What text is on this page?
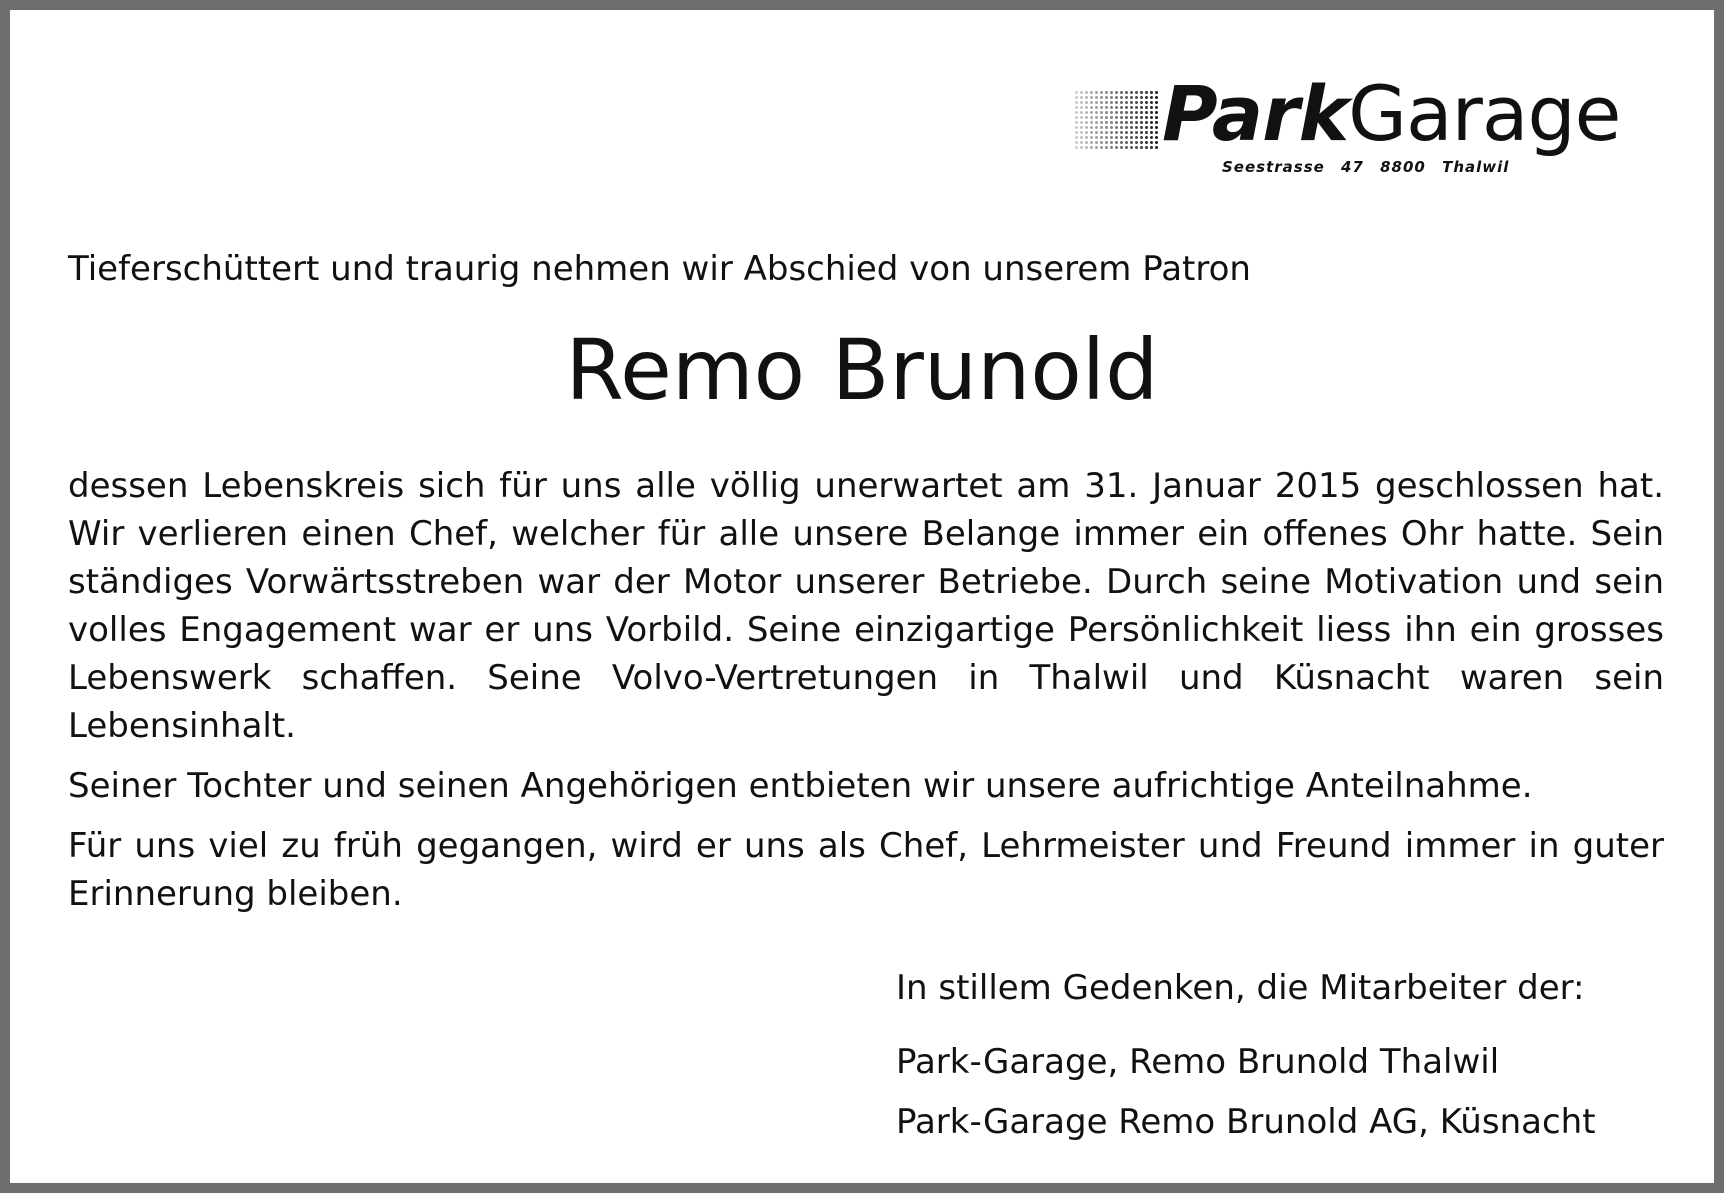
ParkGarage
Seestrasse 47 8800 Thalwil
Tieferschüttert und traurig nehmen wir Abschied von unserem Patron
Remo Brunold

dessen Lebenskreis sich für uns alle völlig unerwartet am 31. Januar 2015 geschlossen hat. Wir verlieren einen Chef, welcher für alle unsere Belange immer ein offenes Ohr hatte. Sein ständiges Vorwärtsstreben war der Motor unserer Betriebe. Durch seine Motivation und sein volles Engagement war er uns Vorbild. Seine einzigartige Persönlichkeit liess ihn ein grosses Lebenswerk schaffen. Seine Volvo-Vertretungen in Thalwil und Küsnacht waren sein Lebensinhalt.

Seiner Tochter und seinen Angehörigen entbieten wir unsere aufrichtige Anteilnahme.

Für uns viel zu früh gegangen, wird er uns als Chef, Lehrmeister und Freund immer in guter Erinnerung bleiben.

In stillem Gedenken, die Mitarbeiter der:
Park-Garage, Remo Brunold Thalwil
Park-Garage Remo Brunold AG, Küsnacht
